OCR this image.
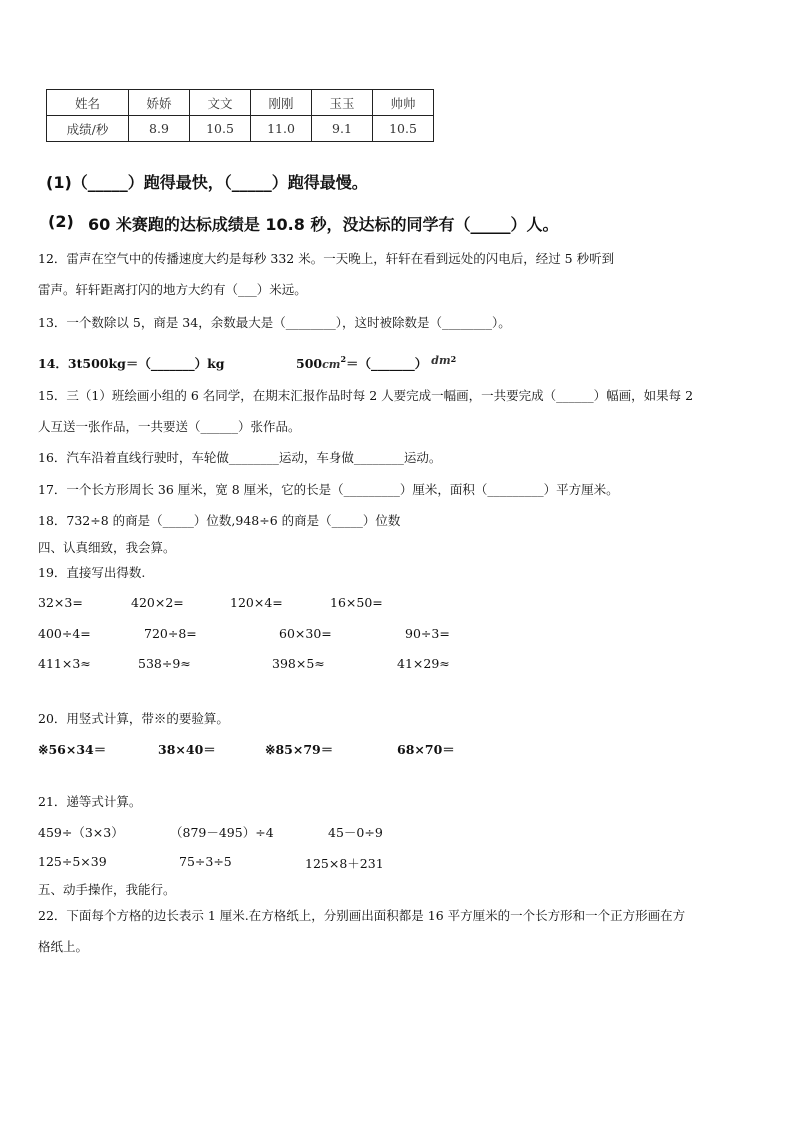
姓名	娇娇	文文	刚刚	玉玉	帅帅
成绩/秒	8.9	10.5	11.0	9.1	10.5
(1)（_____）跑得最快，（_____）跑得最慢。
(2) 60 米赛跑的达标成绩是 10.8 秒，没达标的同学有（_____）人。
12．雷声在空气中的传播速度大约是每秒 332 米。一天晚上，轩轩在看到远处的闪电后，经过 5 秒听到
雷声。轩轩距离打闪的地方大约有（___）米远。
13．一个数除以 5，商是 34，余数最大是（________），这时被除数是（________）。
14．3t500kg＝（_______）kg	$500cm^2=(\_\_\_\_\_\_\_)$ $dm^2$
15．三（1）班绘画小组的 6 名同学，在期末汇报作品时每 2 人要完成一幅画，一共要完成（______）幅画，如果每 2
人互送一张作品，一共要送（______）张作品。
16．汽车沿着直线行驶时，车轮做________运动，车身做________运动。
17．一个长方形周长 36 厘米，宽 8 厘米，它的长是（_________）厘米，面积（_________）平方厘米。
18．732÷8 的商是（_____）位数,948÷6 的商是（_____）位数
四、认真细致，我会算。
19．直接写出得数.
32×3=	420×2=	120×4=	16×50=
400÷4=	720÷8=	60×30=	90÷3=
411×3≈	538÷9≈	398×5≈	41×29≈
20．用竖式计算，带※的要验算。
※56×34＝	38×40＝	※85×79＝	68×70＝
21．递等式计算。
459÷（3×3）	（879－495）÷4	45－0÷9
125÷5×39	75÷3÷5	125×8＋231
五、动手操作，我能行。
22．下面每个方格的边长表示 1 厘米.在方格纸上，分别画出面积都是 16 平方厘米的一个长方形和一个正方形画在方
格纸上。
